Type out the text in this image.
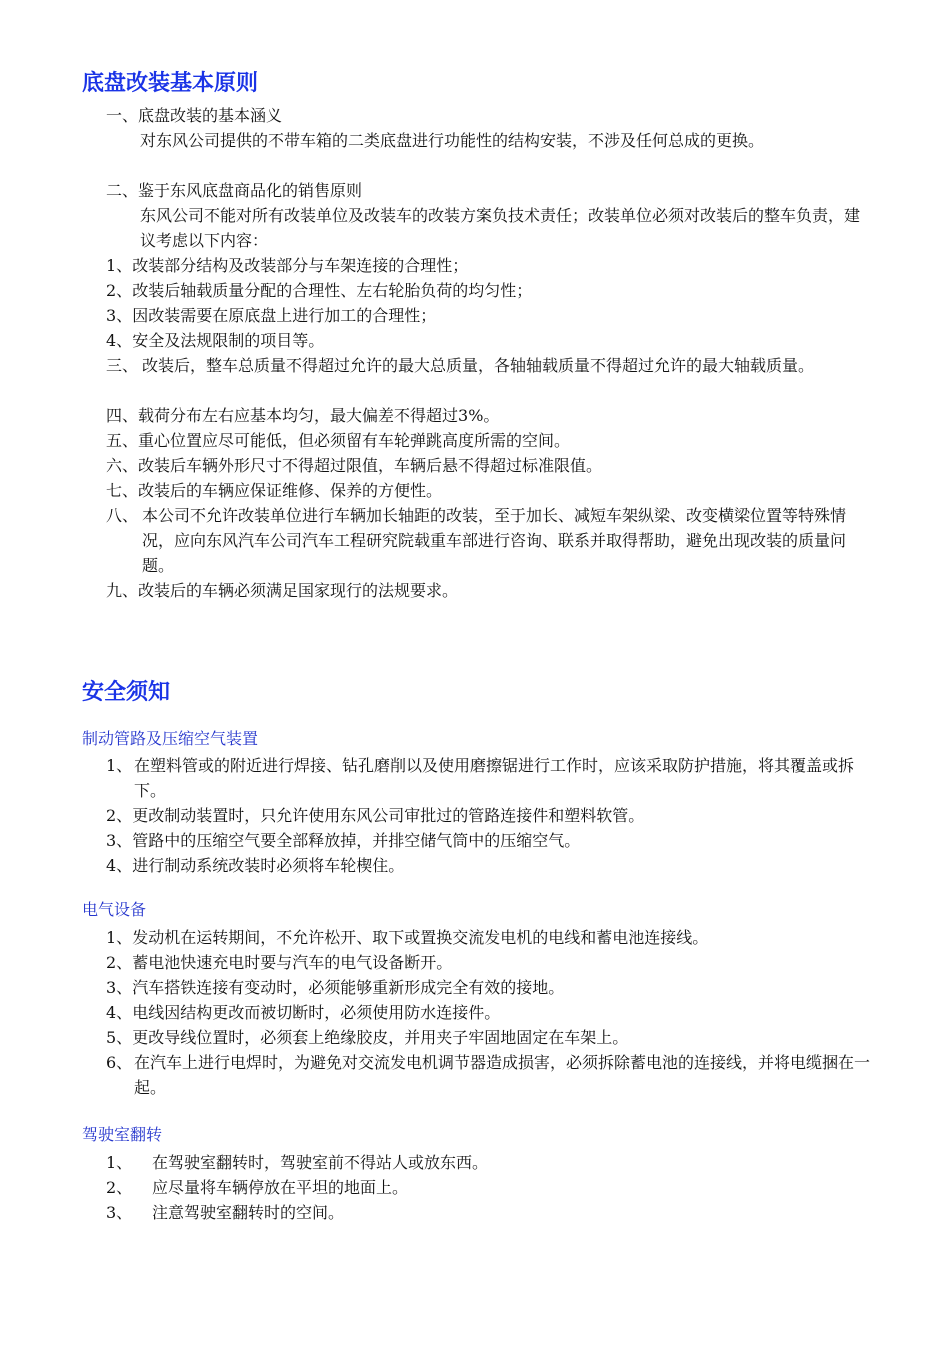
底盘改装基本原则
一、底盘改装的基本涵义
对东风公司提供的不带车箱的二类底盘进行功能性的结构安装，不涉及任何总成的更换。
二、鉴于东风底盘商品化的销售原则
东风公司不能对所有改装单位及改装车的改装方案负技术责任；改装单位必须对改装后的整车负责，建议考虑以下内容：
1、改装部分结构及改装部分与车架连接的合理性；
2、改装后轴载质量分配的合理性、左右轮胎负荷的均匀性；
3、因改装需要在原底盘上进行加工的合理性；
4、安全及法规限制的项目等。
三、 改装后，整车总质量不得超过允许的最大总质量，各轴轴载质量不得超过允许的最大轴载质量。
四、载荷分布左右应基本均匀，最大偏差不得超过3%。
五、重心位置应尽可能低，但必须留有车轮弹跳高度所需的空间。
六、改装后车辆外形尺寸不得超过限值，车辆后悬不得超过标准限值。
七、改装后的车辆应保证维修、保养的方便性。
八、 本公司不允许改装单位进行车辆加长轴距的改装，至于加长、减短车架纵梁、改变横梁位置等特殊情况，应向东风汽车公司汽车工程研究院载重车部进行咨询、联系并取得帮助，避免出现改装的质量问题。
九、改装后的车辆必须满足国家现行的法规要求。
安全须知
制动管路及压缩空气装置
1、 在塑料管或的附近进行焊接、钻孔磨削以及使用磨擦锯进行工作时，应该采取防护措施，将其覆盖或拆下。
2、更改制动装置时，只允许使用东风公司审批过的管路连接件和塑料软管。
3、管路中的压缩空气要全部释放掉，并排空储气筒中的压缩空气。
4、进行制动系统改装时必须将车轮楔住。
电气设备
1、发动机在运转期间，不允许松开、取下或置换交流发电机的电线和蓄电池连接线。
2、蓄电池快速充电时要与汽车的电气设备断开。
3、汽车搭铁连接有变动时，必须能够重新形成完全有效的接地。
4、电线因结构更改而被切断时，必须使用防水连接件。
5、更改导线位置时，必须套上绝缘胶皮，并用夹子牢固地固定在车架上。
6、 在汽车上进行电焊时，为避免对交流发电机调节器造成损害，必须拆除蓄电池的连接线，并将电缆捆在一起。
驾驶室翻转
1、 在驾驶室翻转时，驾驶室前不得站人或放东西。
2、 应尽量将车辆停放在平坦的地面上。
3、 注意驾驶室翻转时的空间。
